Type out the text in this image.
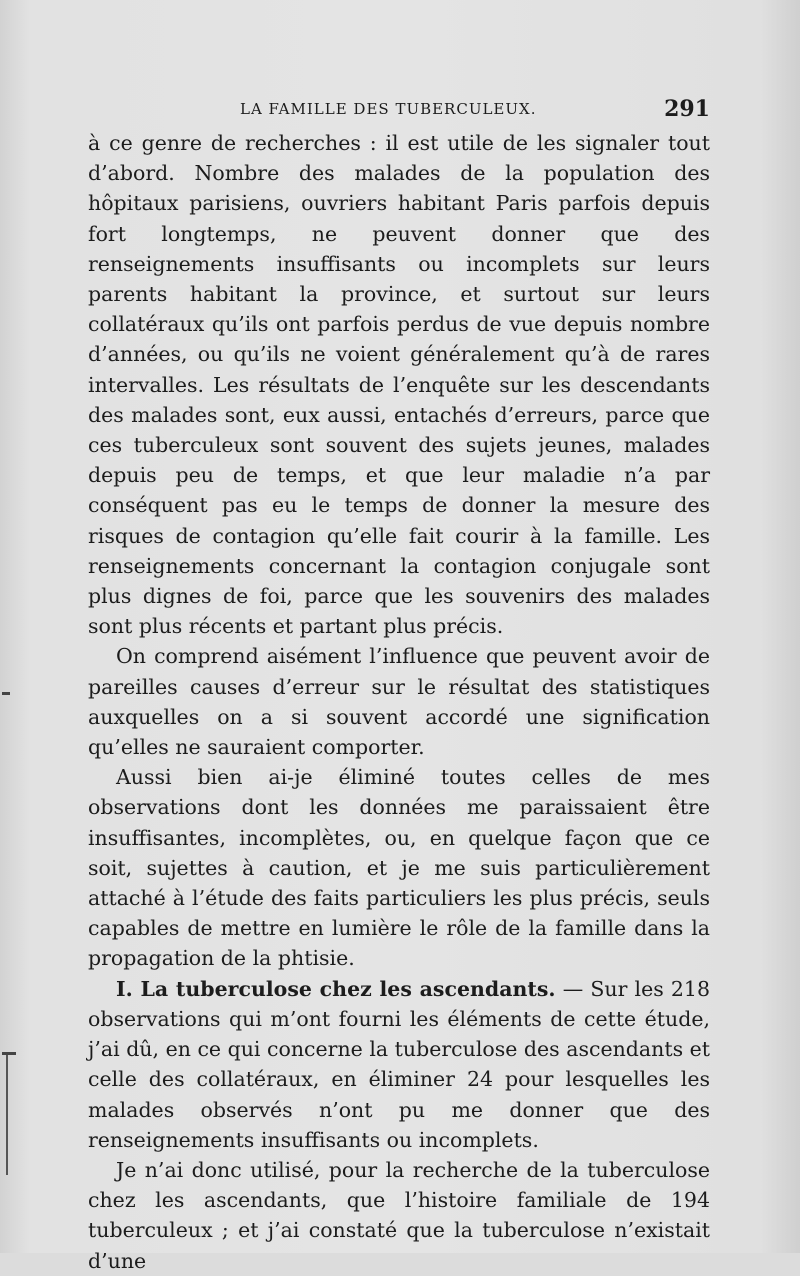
LA FAMILLE DES TUBERCULEUX.	291

à ce genre de recherches : il est utile de les signaler tout d’abord. Nombre des malades de la population des hôpitaux parisiens, ouvriers habitant Paris parfois depuis fort longtemps, ne peuvent donner que des renseignements insuffisants ou incomplets sur leurs parents habitant la province, et surtout sur leurs collatéraux qu’ils ont parfois perdus de vue depuis nombre d’années, ou qu’ils ne voient généralement qu’à de rares intervalles. Les résultats de l’enquête sur les descendants des malades sont, eux aussi, entachés d’erreurs, parce que ces tuberculeux sont souvent des sujets jeunes, malades depuis peu de temps, et que leur maladie n’a par conséquent pas eu le temps de donner la mesure des risques de contagion qu’elle fait courir à la famille. Les renseignements concernant la contagion conjugale sont plus dignes de foi, parce que les souvenirs des malades sont plus récents et partant plus précis.

On comprend aisément l’influence que peuvent avoir de pareilles causes d’erreur sur le résultat des statistiques auxquelles on a si souvent accordé une signification qu’elles ne sauraient comporter.

Aussi bien ai-je éliminé toutes celles de mes observations dont les données me paraissaient être insuffisantes, incomplètes, ou, en quelque façon que ce soit, sujettes à caution, et je me suis particulièrement attaché à l’étude des faits particuliers les plus précis, seuls capables de mettre en lumière le rôle de la famille dans la propagation de la phtisie.

I. La tuberculose chez les ascendants. — Sur les 218 observations qui m’ont fourni les éléments de cette étude, j’ai dû, en ce qui concerne la tuberculose des ascendants et celle des collatéraux, en éliminer 24 pour lesquelles les malades observés n’ont pu me donner que des renseignements insuffisants ou incomplets.

Je n’ai donc utilisé, pour la recherche de la tuberculose chez les ascendants, que l’histoire familiale de 194 tuberculeux ; et j’ai constaté que la tuberculose n’existait d’une
